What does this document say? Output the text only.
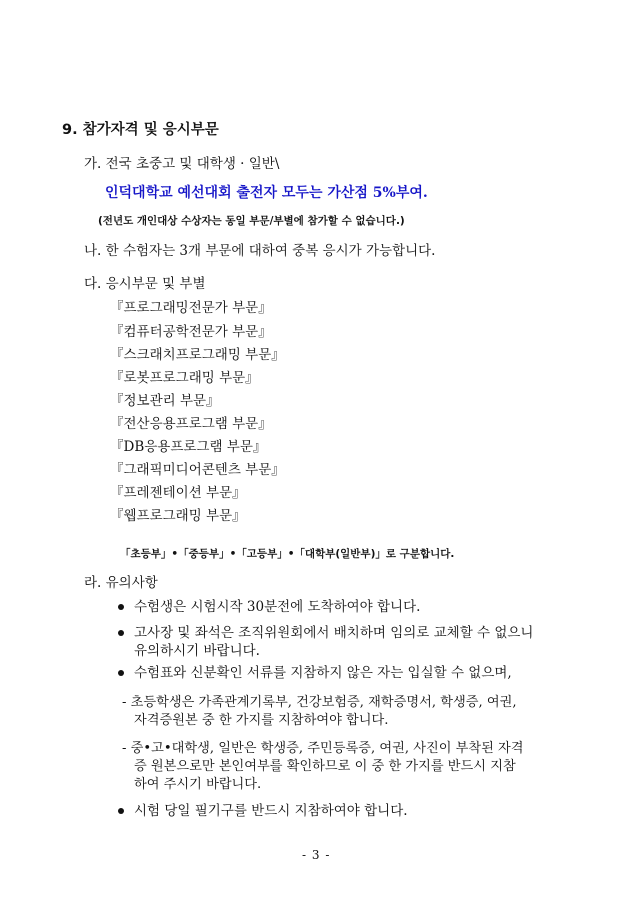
9. 참가자격 및 응시부문
가. 전국 초중고 및 대학생 · 일반\
인덕대학교 예선대회 출전자 모두는 가산점 5%부여.
(전년도 개인대상 수상자는 동일 부문/부별에 참가할 수 없습니다.)
나. 한 수험자는 3개 부문에 대하여 중복 응시가 가능합니다.
다. 응시부문 및 부별
『프로그래밍전문가 부문』
『컴퓨터공학전문가 부문』
『스크래치프로그래밍 부문』
『로봇프로그래밍 부문』
『정보관리 부문』
『전산응용프로그램 부문』
『DB응용프로그램 부문』
『그래픽미디어콘텐츠 부문』
『프레젠테이션 부문』
『웹프로그래밍 부문』
「초등부」•「중등부」•「고등부」•「대학부(일반부)」로 구분합니다.
라. 유의사항
수험생은 시험시작 30분전에 도착하여야 합니다.
고사장 및 좌석은 조직위원회에서 배치하며 임의로 교체할 수 없으니
유의하시기 바랍니다.
수험표와 신분확인 서류를 지참하지 않은 자는 입실할 수 없으며,
- 초등학생은 가족관계기록부, 건강보험증, 재학증명서, 학생증, 여권,
자격증원본 중 한 가지를 지참하여야 합니다.
- 중•고•대학생, 일반은 학생증, 주민등록증, 여권, 사진이 부착된 자격
증 원본으로만 본인여부를 확인하므로 이 중 한 가지를 반드시 지참
하여 주시기 바랍니다.
시험 당일 필기구를 반드시 지참하여야 합니다.
- 3 -
